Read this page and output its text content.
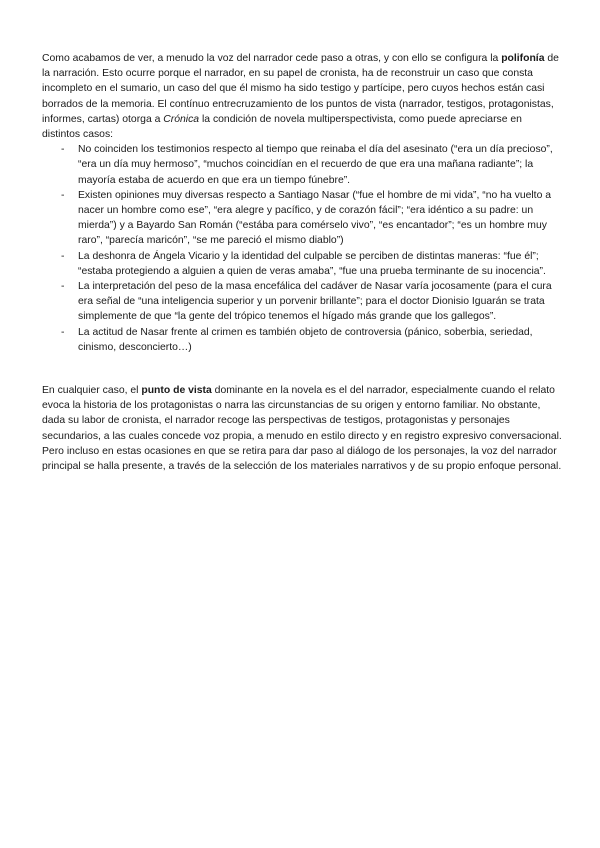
Como acabamos de ver, a menudo la voz del narrador cede paso a otras, y con ello se configura la polifonía de la narración. Esto ocurre porque el narrador, en su papel de cronista, ha de reconstruir un caso que consta incompleto en el sumario, un caso del que él mismo ha sido testigo y partícipe, pero cuyos hechos están casi borrados de la memoria. El contínuo entrecruzamiento de los puntos de vista (narrador, testigos, protagonistas, informes, cartas) otorga a Crónica la condición de novela multiperspectivista, como puede apreciarse en distintos casos:

- No coinciden los testimonios respecto al tiempo que reinaba el día del asesinato (“era un día precioso”, “era un día muy hermoso”, “muchos coincidían en el recuerdo de que era una mañana radiante”; la mayoría estaba de acuerdo en que era un tiempo fúnebre”.
- Existen opiniones muy diversas respecto a Santiago Nasar (“fue el hombre de mi vida”, “no ha vuelto a nacer un hombre como ese”, “era alegre y pacífico, y de corazón fácil”; “era idéntico a su padre: un mierda”) y a Bayardo San Román (“estába para comérselo vivo”, “es encantador”; “es un hombre muy raro”, “parecía maricón”, “se me pareció el mismo diablo”)
- La deshonra de Ángela Vicario y la identidad del culpable se perciben de distintas maneras: “fue él”; “estaba protegiendo a alguien a quien de veras amaba”, “fue una prueba terminante de su inocencia”.
- La interpretación del peso de la masa encefálica del cadáver de Nasar varía jocosamente (para el cura era señal de “una inteligencia superior y un porvenir brillante”; para el doctor Dionisio Iguarán se trata simplemente de que “la gente del trópico tenemos el hígado más grande que los gallegos”.
- La actitud de Nasar frente al crimen es también objeto de controversia (pánico, soberbia, seriedad, cinismo, desconcierto…)

En cualquier caso, el punto de vista dominante en la novela es el del narrador, especialmente cuando el relato evoca la historia de los protagonistas o narra las circunstancias de su origen y entorno familiar. No obstante, dada su labor de cronista, el narrador recoge las perspectivas de testigos, protagonistas y personajes secundarios, a las cuales concede voz propia, a menudo en estilo directo y en registro expresivo conversacional. Pero incluso en estas ocasiones en que se retira para dar paso al diálogo de los personajes, la voz del narrador principal se halla presente, a través de la selección de los materiales narrativos y de su propio enfoque personal.
